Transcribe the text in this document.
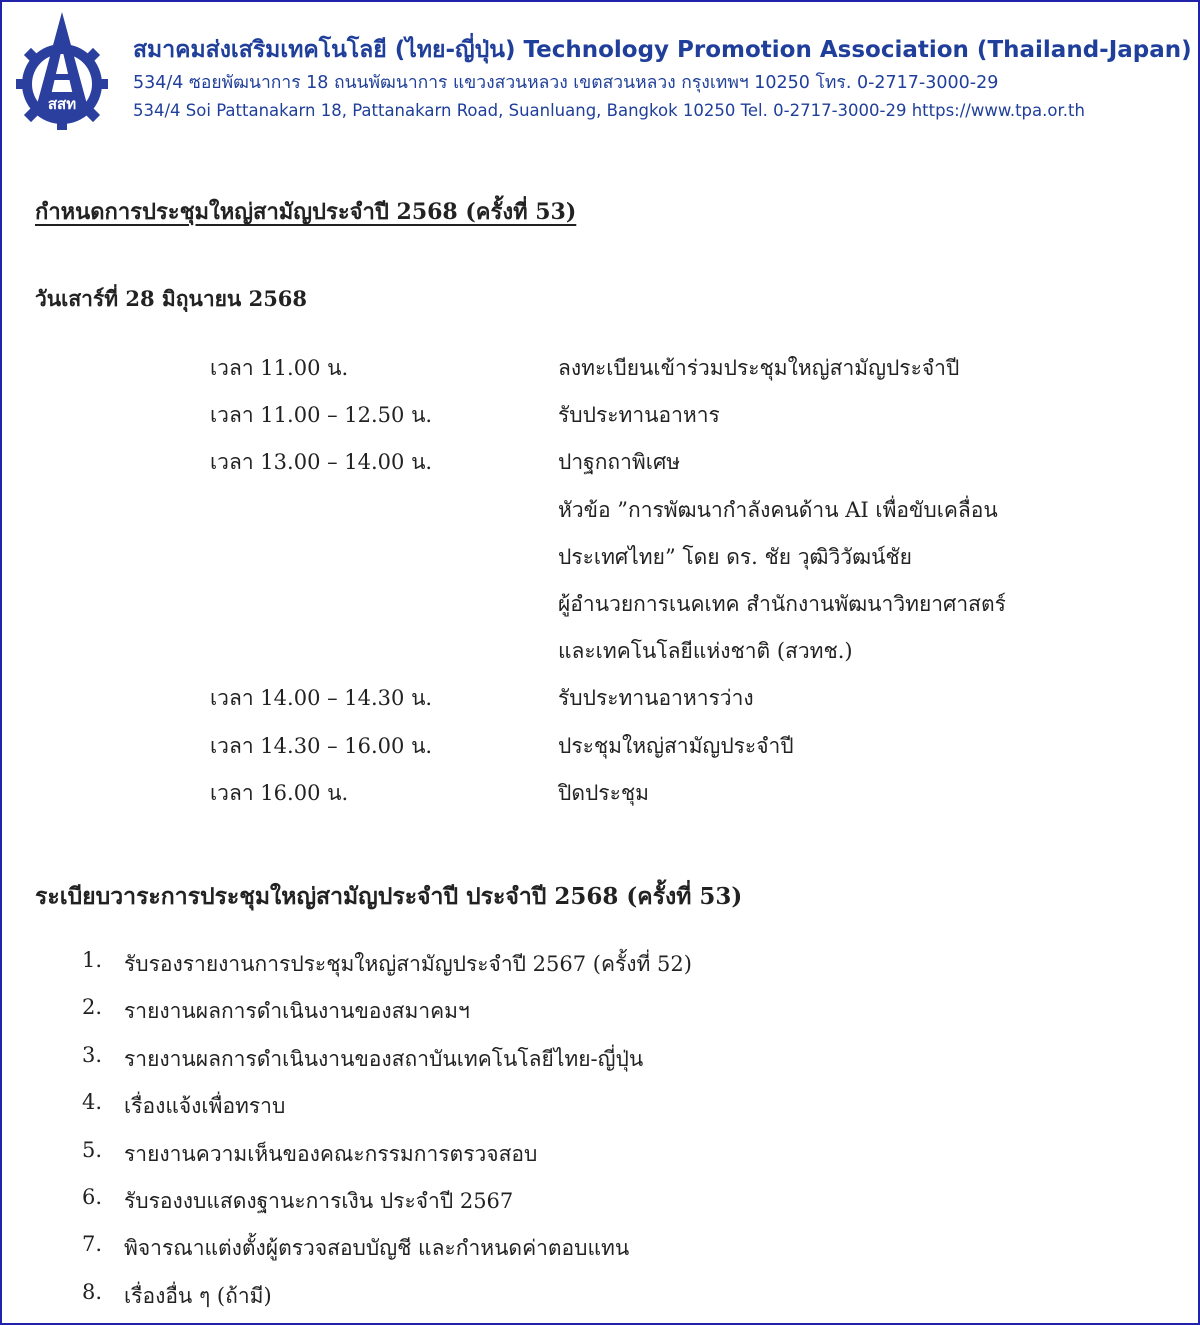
สสท
สมาคมส่งเสริมเทคโนโลยี (ไทย-ญี่ปุ่น) Technology Promotion Association (Thailand-Japan)
534/4 ซอยพัฒนาการ 18 ถนนพัฒนาการ แขวงสวนหลวง เขตสวนหลวง กรุงเทพฯ 10250 โทร. 0-2717-3000-29
534/4 Soi Pattanakarn 18, Pattanakarn Road, Suanluang, Bangkok 10250 Tel. 0-2717-3000-29 https://www.tpa.or.th
กำหนดการประชุมใหญ่สามัญประจำปี 2568 (ครั้งที่ 53)
วันเสาร์ที่ 28 มิถุนายน 2568
เวลา 11.00 น.	ลงทะเบียนเข้าร่วมประชุมใหญ่สามัญประจำปี
เวลา 11.00 – 12.50 น.	รับประทานอาหาร
เวลา 13.00 – 14.00 น.	ปาฐกถาพิเศษ
หัวข้อ ”การพัฒนากำลังคนด้าน AI เพื่อขับเคลื่อน
ประเทศไทย” โดย ดร. ชัย วุฒิวิวัฒน์ชัย
ผู้อำนวยการเนคเทค สำนักงานพัฒนาวิทยาศาสตร์
และเทคโนโลยีแห่งชาติ (สวทช.)
เวลา 14.00 – 14.30 น.	รับประทานอาหารว่าง
เวลา 14.30 – 16.00 น.	ประชุมใหญ่สามัญประจำปี
เวลา 16.00 น.	ปิดประชุม
ระเบียบวาระการประชุมใหญ่สามัญประจำปี ประจำปี 2568 (ครั้งที่ 53)
1. รับรองรายงานการประชุมใหญ่สามัญประจำปี 2567 (ครั้งที่ 52)
2. รายงานผลการดำเนินงานของสมาคมฯ
3. รายงานผลการดำเนินงานของสถาบันเทคโนโลยีไทย-ญี่ปุ่น
4. เรื่องแจ้งเพื่อทราบ
5. รายงานความเห็นของคณะกรรมการตรวจสอบ
6. รับรองงบแสดงฐานะการเงิน ประจำปี 2567
7. พิจารณาแต่งตั้งผู้ตรวจสอบบัญชี และกำหนดค่าตอบแทน
8. เรื่องอื่น ๆ (ถ้ามี)
